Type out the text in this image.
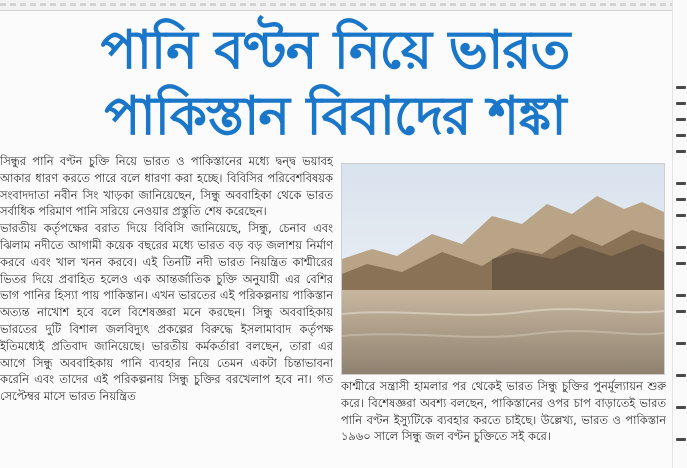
পানি বণ্টন নিয়ে ভারত
পাকিস্তান বিবাদের শঙ্কা

সিন্ধুর পানি বণ্টন চুক্তি নিয়ে ভারত ও পাকিস্তানের মধ্যে দ্বন্দ্ব ভয়াবহ আকার ধারণ করতে পারে বলে ধারণা করা হচ্ছে। বিবিসির পরিবেশবিষয়ক সংবাদদাতা নবীন সিং খাড়কা জানিয়েছেন, সিন্ধু অববাহিকা থেকে ভারত সর্বাধিক পরিমাণ পানি সরিয়ে নেওয়ার প্রস্তুতি শেষ করেছেন।

ভারতীয় কর্তৃপক্ষের বরাত দিয়ে বিবিসি জানিয়েছে, সিন্ধু, চেনাব এবং ঝিলাম নদীতে আগামী কয়েক বছরের মধ্যে ভারত বড় বড় জলাশয় নির্মাণ করবে এবং খাল খনন করবে। এই তিনটি নদী ভারত নিয়ন্ত্রিত কাশ্মীরের ভিতর দিয়ে প্রবাহিত হলেও এক আন্তর্জাতিক চুক্তি অনুযায়ী এর বেশির ভাগ পানির হিস্যা পায় পাকিস্তান। এখন ভারতের এই পরিকল্পনায় পাকিস্তান অত্যন্ত নাখোশ হবে বলে বিশেষজ্ঞরা মনে করছেন। সিন্ধু অববাহিকায় ভারতের দুটি বিশাল জলবিদ্যুৎ প্রকল্পের বিরুদ্ধে ইসলামাবাদ কর্তৃপক্ষ ইতিমধ্যেই প্রতিবাদ জানিয়েছে। ভারতীয় কর্মকর্তারা বলছেন, তারা এর আগে সিন্ধু অববাহিকায় পানি ব্যবহার নিয়ে তেমন একটা চিন্তাভাবনা করেনি এবং তাদের এই পরিকল্পনায় সিন্ধু চুক্তির বরখেলাপ হবে না। গত সেপ্টেম্বর মাসে ভারত নিয়ন্ত্রিত

কাশ্মীরে সন্ত্রাসী হামলার পর থেকেই ভারত সিন্ধু চুক্তির পুনর্মূল্যায়ন শুরু করে। বিশেষজ্ঞরা অবশ্য বলছেন, পাকিস্তানের ওপর চাপ বাড়াতেই ভারত পানি বণ্টন ইস্যুটিকে ব্যবহার করতে চাইছে। উল্লেখ্য, ভারত ও পাকিস্তান ১৯৬০ সালে সিন্ধু জল বণ্টন চুক্তিতে সই করে।
